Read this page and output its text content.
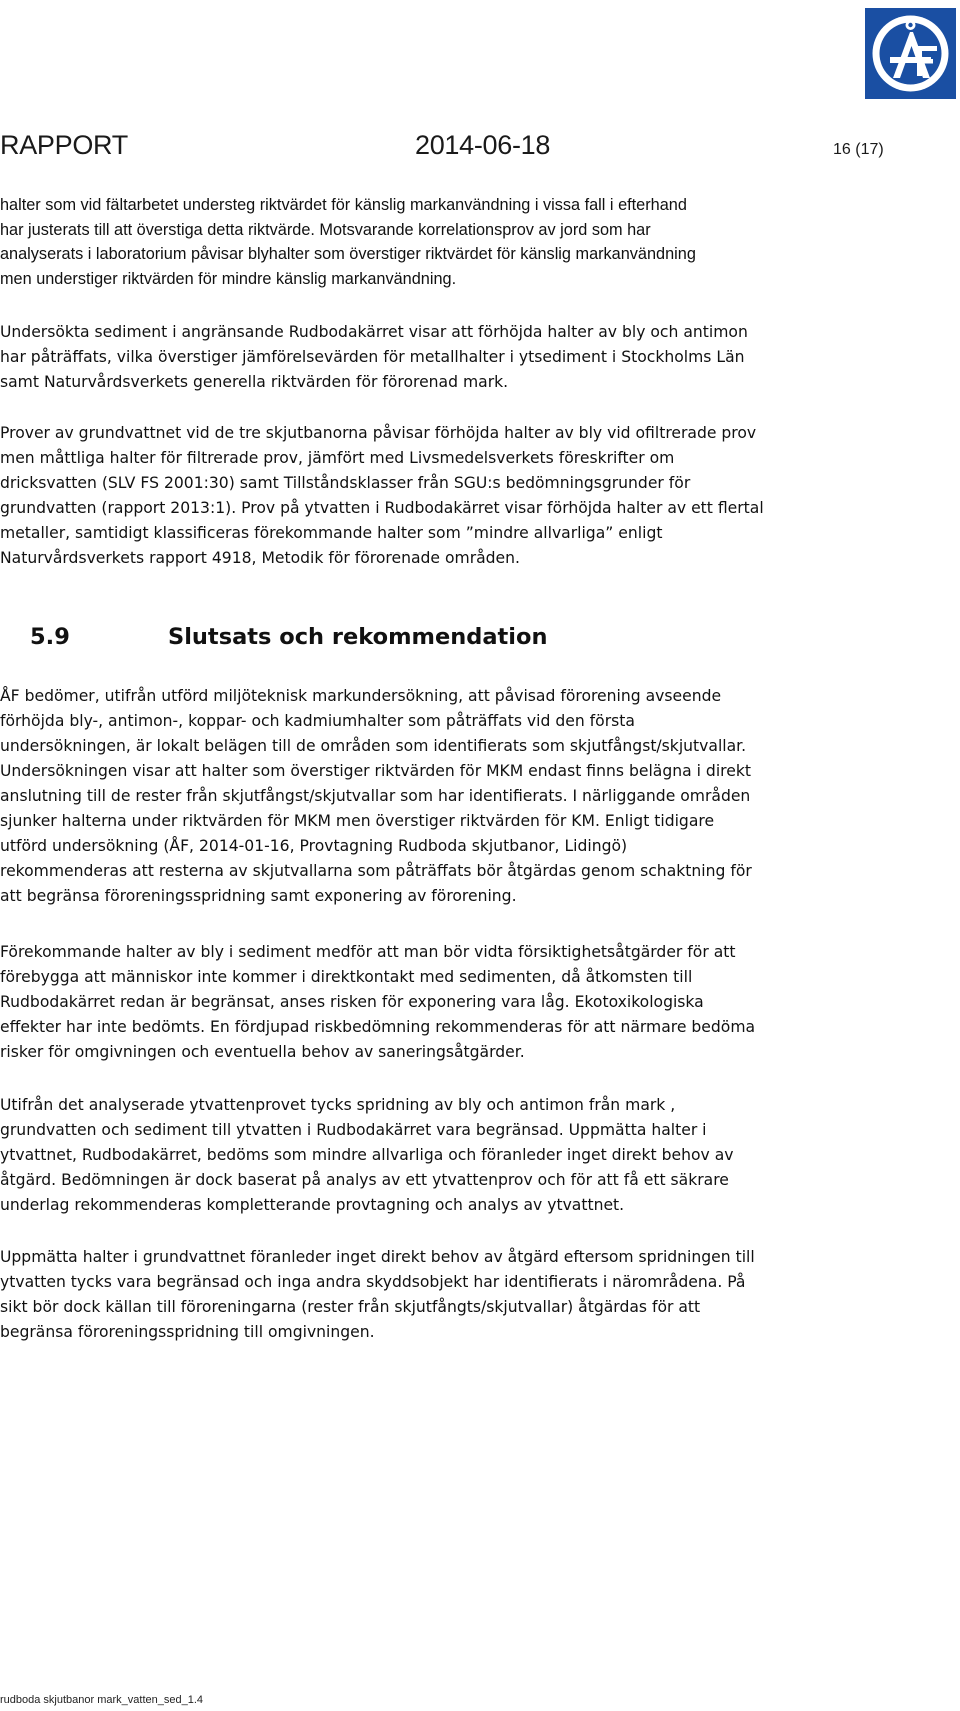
RAPPORT	2014-06-18	16 (17)

halter som vid fältarbetet understeg riktvärdet för känslig markanvändning i vissa fall i efterhand
har justerats till att överstiga detta riktvärde. Motsvarande korrelationsprov av jord som har
analyserats i laboratorium påvisar blyhalter som överstiger riktvärdet för känslig markanvändning
men understiger riktvärden för mindre känslig markanvändning.

Undersökta sediment i angränsande Rudbodakärret visar att förhöjda halter av bly och antimon
har påträffats, vilka överstiger jämförelsevärden för metallhalter i ytsediment i Stockholms Län
samt Naturvårdsverkets generella riktvärden för förorenad mark.

Prover av grundvattnet vid de tre skjutbanorna påvisar förhöjda halter av bly vid ofiltrerade prov
men måttliga halter för filtrerade prov, jämfört med Livsmedelsverkets föreskrifter om
dricksvatten (SLV FS 2001:30) samt Tillståndsklasser från SGU:s bedömningsgrunder för
grundvatten (rapport 2013:1). Prov på ytvatten i Rudbodakärret visar förhöjda halter av ett flertal
metaller, samtidigt klassificeras förekommande halter som ”mindre allvarliga” enligt
Naturvårdsverkets rapport 4918, Metodik för förorenade områden.

5.9	Slutsats och rekommendation

ÅF bedömer, utifrån utförd miljöteknisk markundersökning, att påvisad förorening avseende
förhöjda bly-, antimon-, koppar- och kadmiumhalter som påträffats vid den första
undersökningen, är lokalt belägen till de områden som identifierats som skjutfångst/skjutvallar.
Undersökningen visar att halter som överstiger riktvärden för MKM endast finns belägna i direkt
anslutning till de rester från skjutfångst/skjutvallar som har identifierats. I närliggande områden
sjunker halterna under riktvärden för MKM men överstiger riktvärden för KM. Enligt tidigare
utförd undersökning (ÅF, 2014-01-16, Provtagning Rudboda skjutbanor, Lidingö)
rekommenderas att resterna av skjutvallarna som påträffats bör åtgärdas genom schaktning för
att begränsa föroreningsspridning samt exponering av förorening.

Förekommande halter av bly i sediment medför att man bör vidta försiktighetsåtgärder för att
förebygga att människor inte kommer i direktkontakt med sedimenten, då åtkomsten till
Rudbodakärret redan är begränsat, anses risken för exponering vara låg. Ekotoxikologiska
effekter har inte bedömts. En fördjupad riskbedömning rekommenderas för att närmare bedöma
risker för omgivningen och eventuella behov av saneringsåtgärder.

Utifrån det analyserade ytvattenprovet tycks spridning av bly och antimon från mark ,
grundvatten och sediment till ytvatten i Rudbodakärret vara begränsad. Uppmätta halter i
ytvattnet, Rudbodakärret, bedöms som mindre allvarliga och föranleder inget direkt behov av
åtgärd. Bedömningen är dock baserat på analys av ett ytvattenprov och för att få ett säkrare
underlag rekommenderas kompletterande provtagning och analys av ytvattnet.

Uppmätta halter i grundvattnet föranleder inget direkt behov av åtgärd eftersom spridningen till
ytvatten tycks vara begränsad och inga andra skyddsobjekt har identifierats i närområdena. På
sikt bör dock källan till föroreningarna (rester från skjutfångts/skjutvallar) åtgärdas för att
begränsa föroreningsspridning till omgivningen.

rudboda skjutbanor mark_vatten_sed_1.4
